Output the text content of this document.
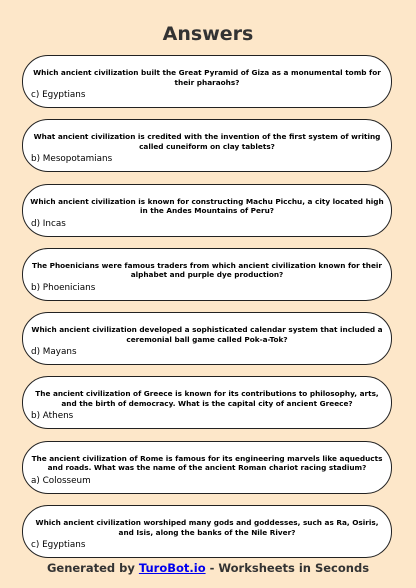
Answers
Which ancient civilization built the Great Pyramid of Giza as a monumental tomb for their pharaohs?
c) Egyptians
What ancient civilization is credited with the invention of the first system of writing called cuneiform on clay tablets?
b) Mesopotamians
Which ancient civilization is known for constructing Machu Picchu, a city located high in the Andes Mountains of Peru?
d) Incas
The Phoenicians were famous traders from which ancient civilization known for their alphabet and purple dye production?
b) Phoenicians
Which ancient civilization developed a sophisticated calendar system that included a ceremonial ball game called Pok-a-Tok?
d) Mayans
The ancient civilization of Greece is known for its contributions to philosophy, arts, and the birth of democracy. What is the capital city of ancient Greece?
b) Athens
The ancient civilization of Rome is famous for its engineering marvels like aqueducts and roads. What was the name of the ancient Roman chariot racing stadium?
a) Colosseum
Which ancient civilization worshiped many gods and goddesses, such as Ra, Osiris, and Isis, along the banks of the Nile River?
c) Egyptians
Generated by TuroBot.io - Worksheets in Seconds
